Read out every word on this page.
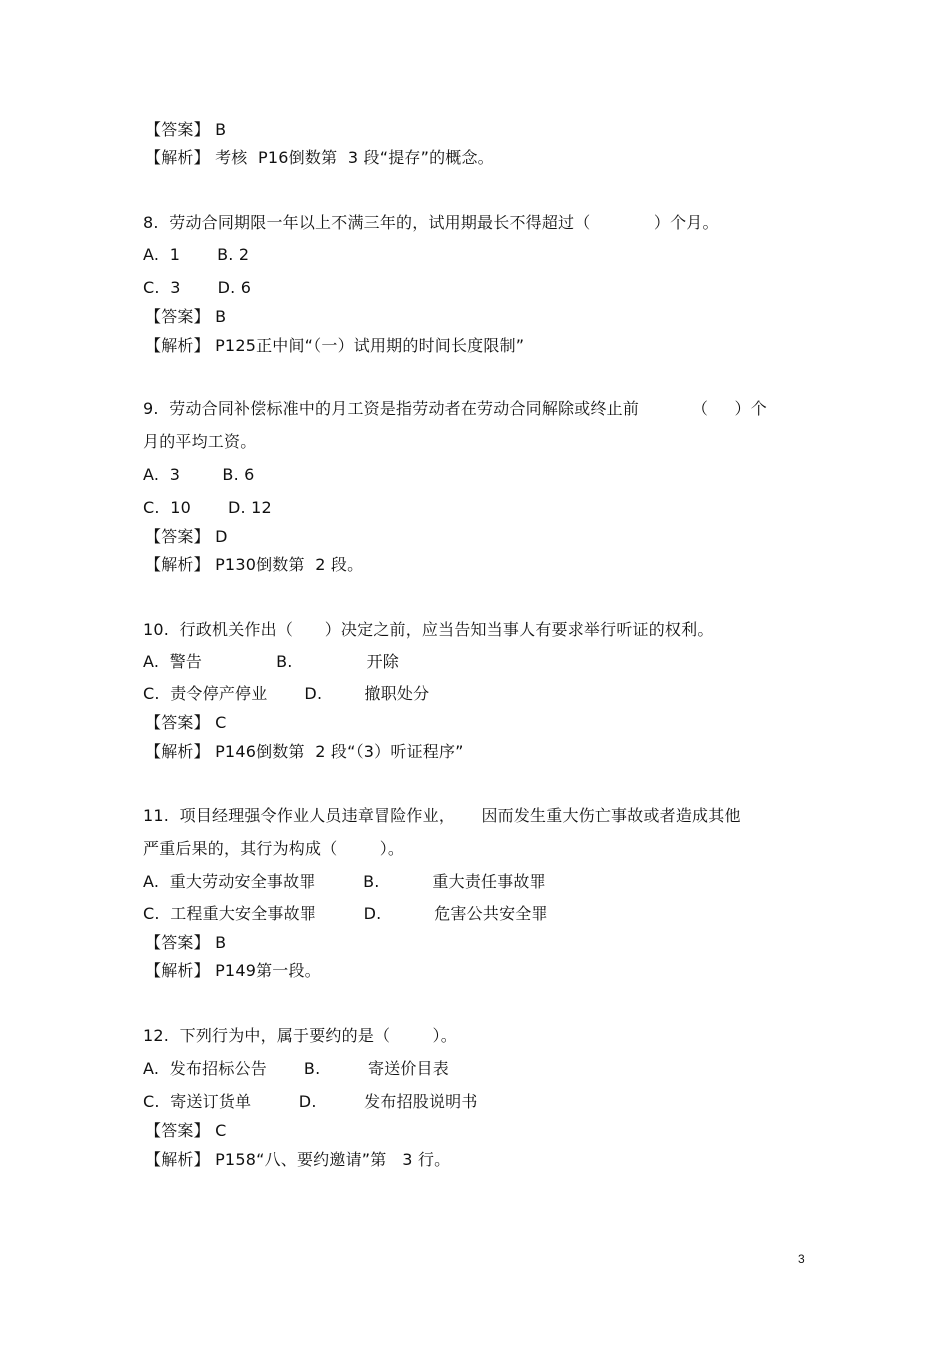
【答案】 B
【解析】 考核  P16倒数第  3 段“提存”的概念。
8.  劳动合同期限一年以上不满三年的，试用期最长不得超过（            ）个月。
A.  1       B. 2
C.  3       D. 6
【答案】 B
【解析】 P125正中间“（一）试用期的时间长度限制”
9.  劳动合同补偿标准中的月工资是指劳动者在劳动合同解除或终止前          （     ）个
月的平均工资。
A.  3        B. 6
C.  10       D. 12
【答案】 D
【解析】 P130倒数第  2 段。
10.  行政机关作出（      ）决定之前，应当告知当事人有要求举行听证的权利。
A.  警告              B.              开除
C.  责令停产停业       D.        撤职处分
【答案】 C
【解析】 P146倒数第  2 段“（3）听证程序”
11.  项目经理强令作业人员违章冒险作业，     因而发生重大伤亡事故或者造成其他
严重后果的，其行为构成（        ）。
A.  重大劳动安全事故罪         B.          重大责任事故罪
C.  工程重大安全事故罪         D.          危害公共安全罪
【答案】 B
【解析】 P149第一段。
12.  下列行为中，属于要约的是（        ）。
A.  发布招标公告       B.         寄送价目表
C.  寄送订货单         D.         发布招股说明书
【答案】 C
【解析】 P158“八、要约邀请”第   3 行。
3
